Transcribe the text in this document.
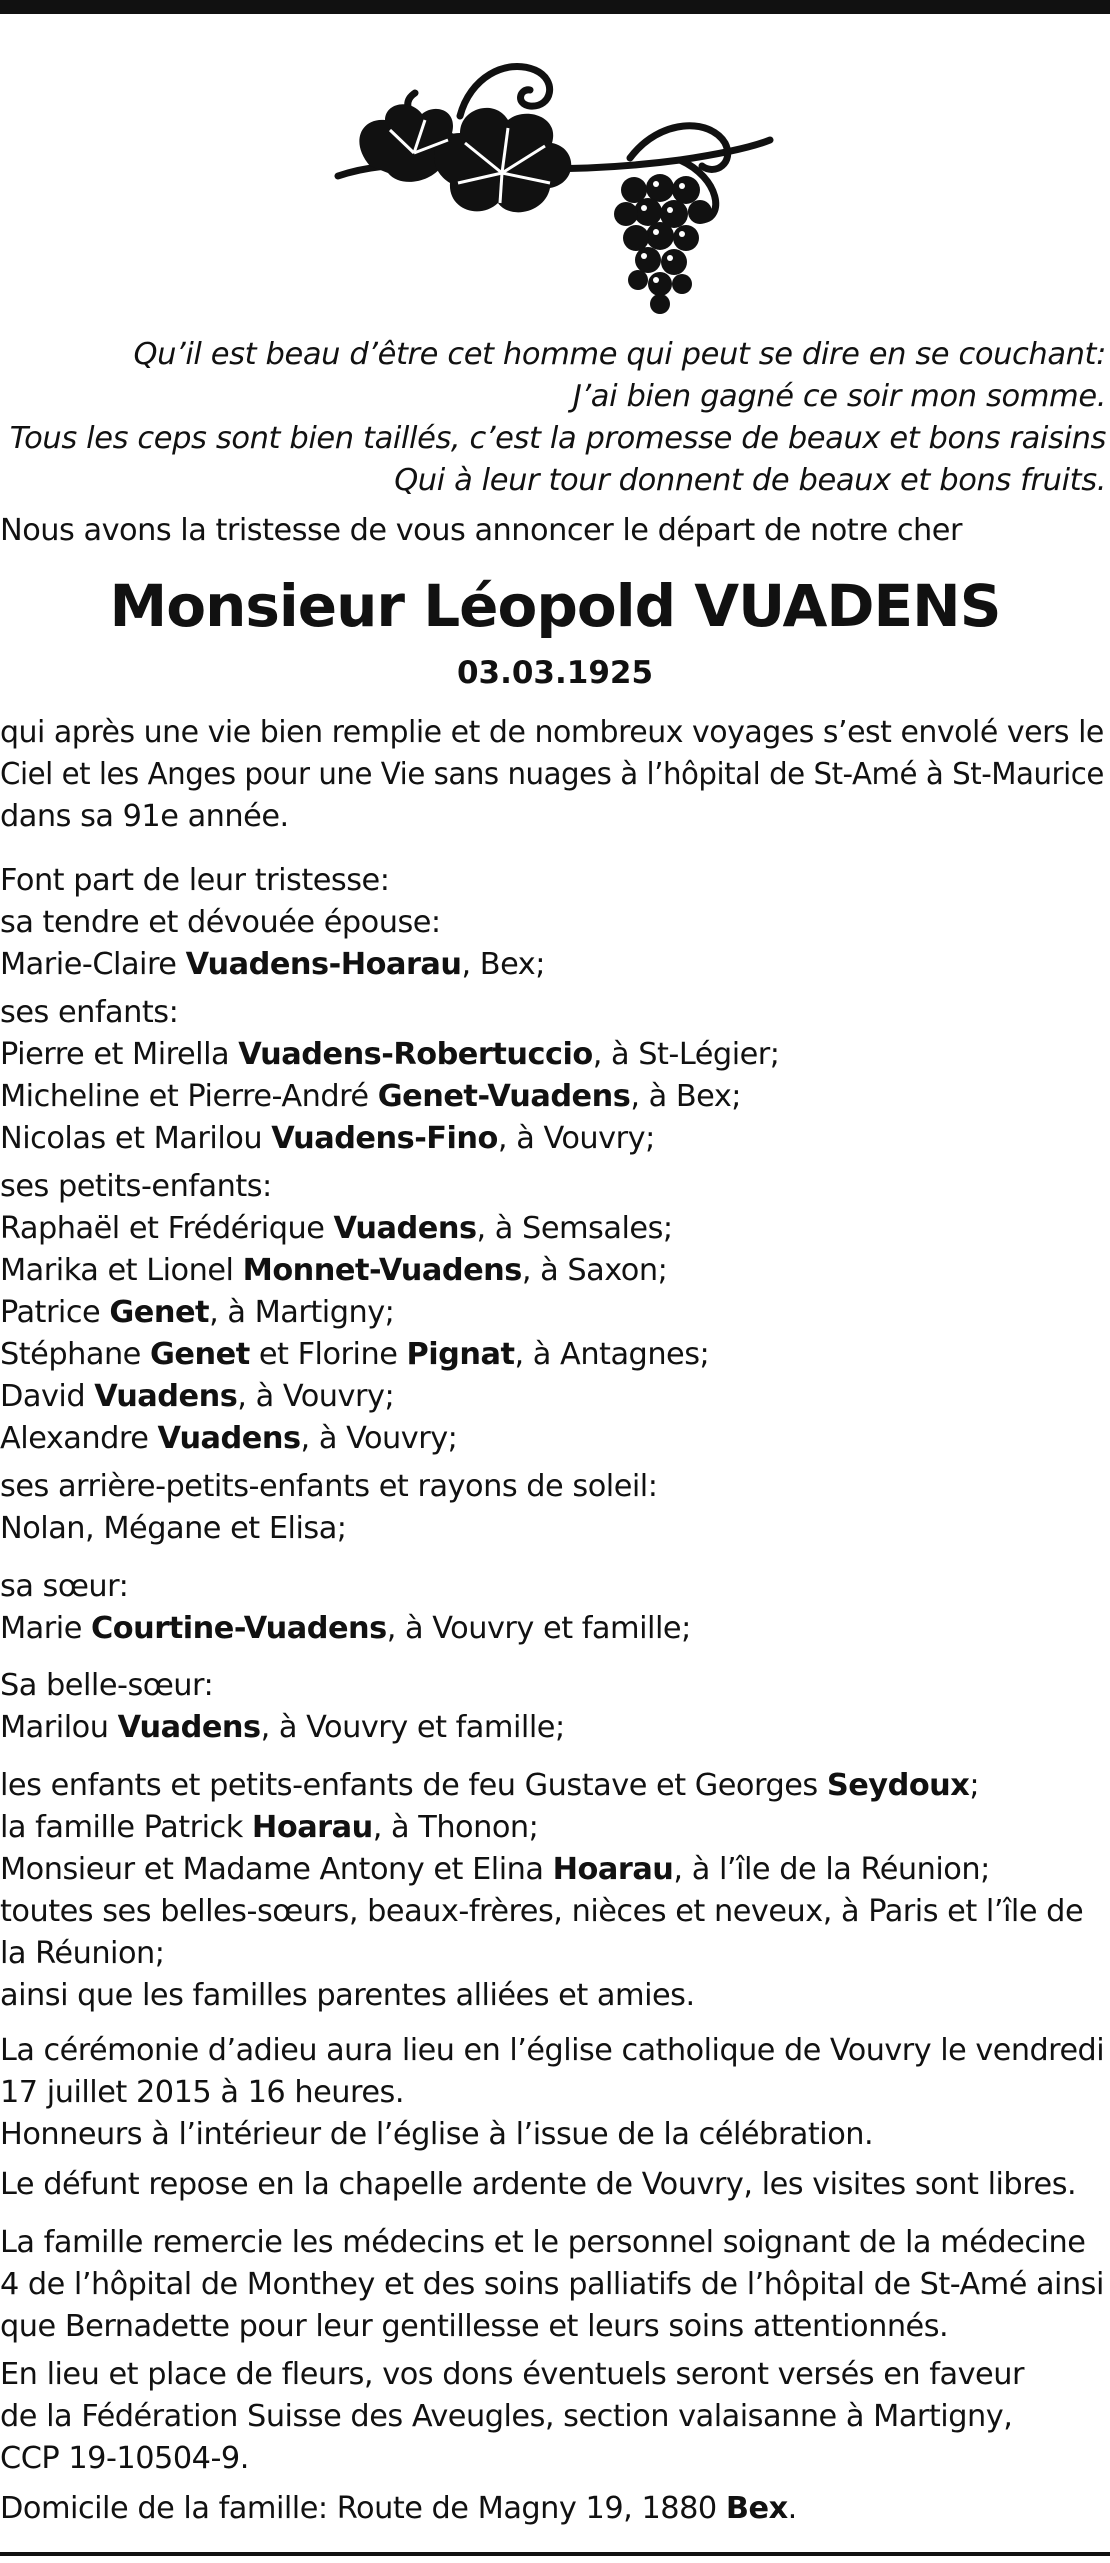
Qu’il est beau d’être cet homme qui peut se dire en se couchant:
J’ai bien gagné ce soir mon somme.
Tous les ceps sont bien taillés, c’est la promesse de beaux et bons raisins
Qui à leur tour donnent de beaux et bons fruits.
Nous avons la tristesse de vous annoncer le départ de notre cher
Monsieur Léopold VUADENS
03.03.1925
qui après une vie bien remplie et de nombreux voyages s’est envolé vers le
Ciel et les Anges pour une Vie sans nuages à l’hôpital de St-Amé à St-Maurice
dans sa 91e année.
Font part de leur tristesse:
sa tendre et dévouée épouse:
Marie-Claire Vuadens-Hoarau, Bex;
ses enfants:
Pierre et Mirella Vuadens-Robertuccio, à St-Légier;
Micheline et Pierre-André Genet-Vuadens, à Bex;
Nicolas et Marilou Vuadens-Fino, à Vouvry;
ses petits-enfants:
Raphaël et Frédérique Vuadens, à Semsales;
Marika et Lionel Monnet-Vuadens, à Saxon;
Patrice Genet, à Martigny;
Stéphane Genet et Florine Pignat, à Antagnes;
David Vuadens, à Vouvry;
Alexandre Vuadens, à Vouvry;
ses arrière-petits-enfants et rayons de soleil:
Nolan, Mégane et Elisa;
sa sœur:
Marie Courtine-Vuadens, à Vouvry et famille;
Sa belle-sœur:
Marilou Vuadens, à Vouvry et famille;
les enfants et petits-enfants de feu Gustave et Georges Seydoux;
la famille Patrick Hoarau, à Thonon;
Monsieur et Madame Antony et Elina Hoarau, à l’île de la Réunion;
toutes ses belles-sœurs, beaux-frères, nièces et neveux, à Paris et l’île de
la Réunion;
ainsi que les familles parentes alliées et amies.
La cérémonie d’adieu aura lieu en l’église catholique de Vouvry le vendredi
17 juillet 2015 à 16 heures.
Honneurs à l’intérieur de l’église à l’issue de la célébration.
Le défunt repose en la chapelle ardente de Vouvry, les visites sont libres.
La famille remercie les médecins et le personnel soignant de la médecine
4 de l’hôpital de Monthey et des soins palliatifs de l’hôpital de St-Amé ainsi
que Bernadette pour leur gentillesse et leurs soins attentionnés.
En lieu et place de fleurs, vos dons éventuels seront versés en faveur
de la Fédération Suisse des Aveugles, section valaisanne à Martigny,
CCP 19-10504-9.
Domicile de la famille: Route de Magny 19, 1880 Bex.
